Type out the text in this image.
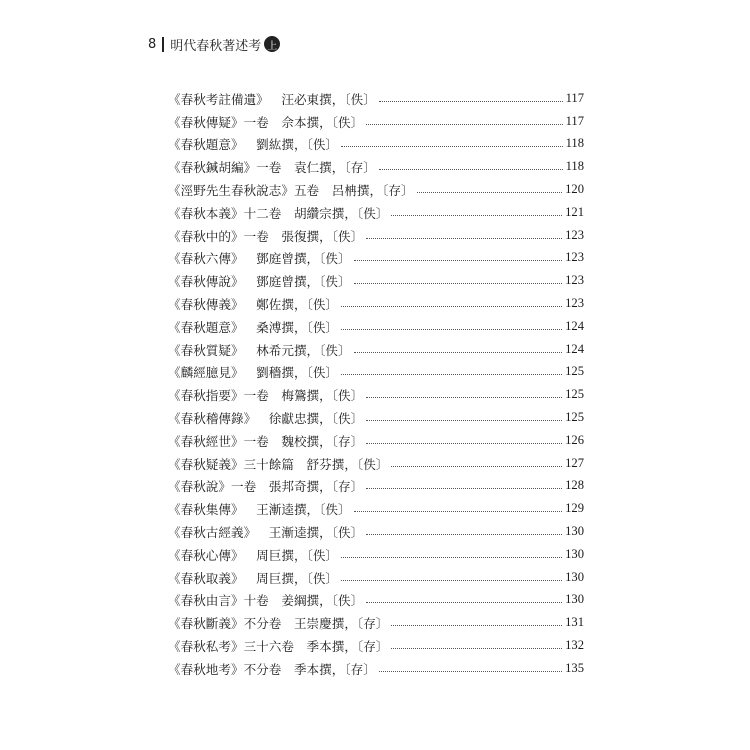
8 明代春秋著述考 上
《春秋考註備遺》 　汪必東撰，〔佚〕	117
《春秋傳疑》一卷 　佘本撰，〔佚〕	117
《春秋題意》 　劉紘撰，〔佚〕	118
《春秋鍼胡編》一卷 　袁仁撰，〔存〕	118
《涇野先生春秋說志》五卷 　呂柟撰，〔存〕	120
《春秋本義》十二卷 　胡纘宗撰，〔佚〕	121
《春秋中的》一卷 　張復撰，〔佚〕	123
《春秋六傳》 　鄧庭曾撰，〔佚〕	123
《春秋傳說》 　鄧庭曾撰，〔佚〕	123
《春秋傳義》 　鄭佐撰，〔佚〕	123
《春秋題意》 　桑溥撰，〔佚〕	124
《春秋質疑》 　林希元撰，〔佚〕	124
《麟經臆見》 　劉穡撰，〔佚〕	125
《春秋指要》一卷 　梅鷟撰，〔佚〕	125
《春秋稽傳錄》 　徐獻忠撰，〔佚〕	125
《春秋經世》一卷 　魏校撰，〔存〕	126
《春秋疑義》三十餘篇 　舒芬撰，〔佚〕	127
《春秋說》一卷 　張邦奇撰，〔存〕	128
《春秋集傳》 　王漸逵撰，〔佚〕	129
《春秋古經義》 　王漸逵撰，〔佚〕	130
《春秋心傳》 　周巨撰，〔佚〕	130
《春秋取義》 　周巨撰，〔佚〕	130
《春秋由言》十卷 　姜綱撰，〔佚〕	130
《春秋斷義》不分卷 　王崇慶撰，〔存〕	131
《春秋私考》三十六卷 　季本撰，〔存〕	132
《春秋地考》不分卷 　季本撰，〔存〕	135
